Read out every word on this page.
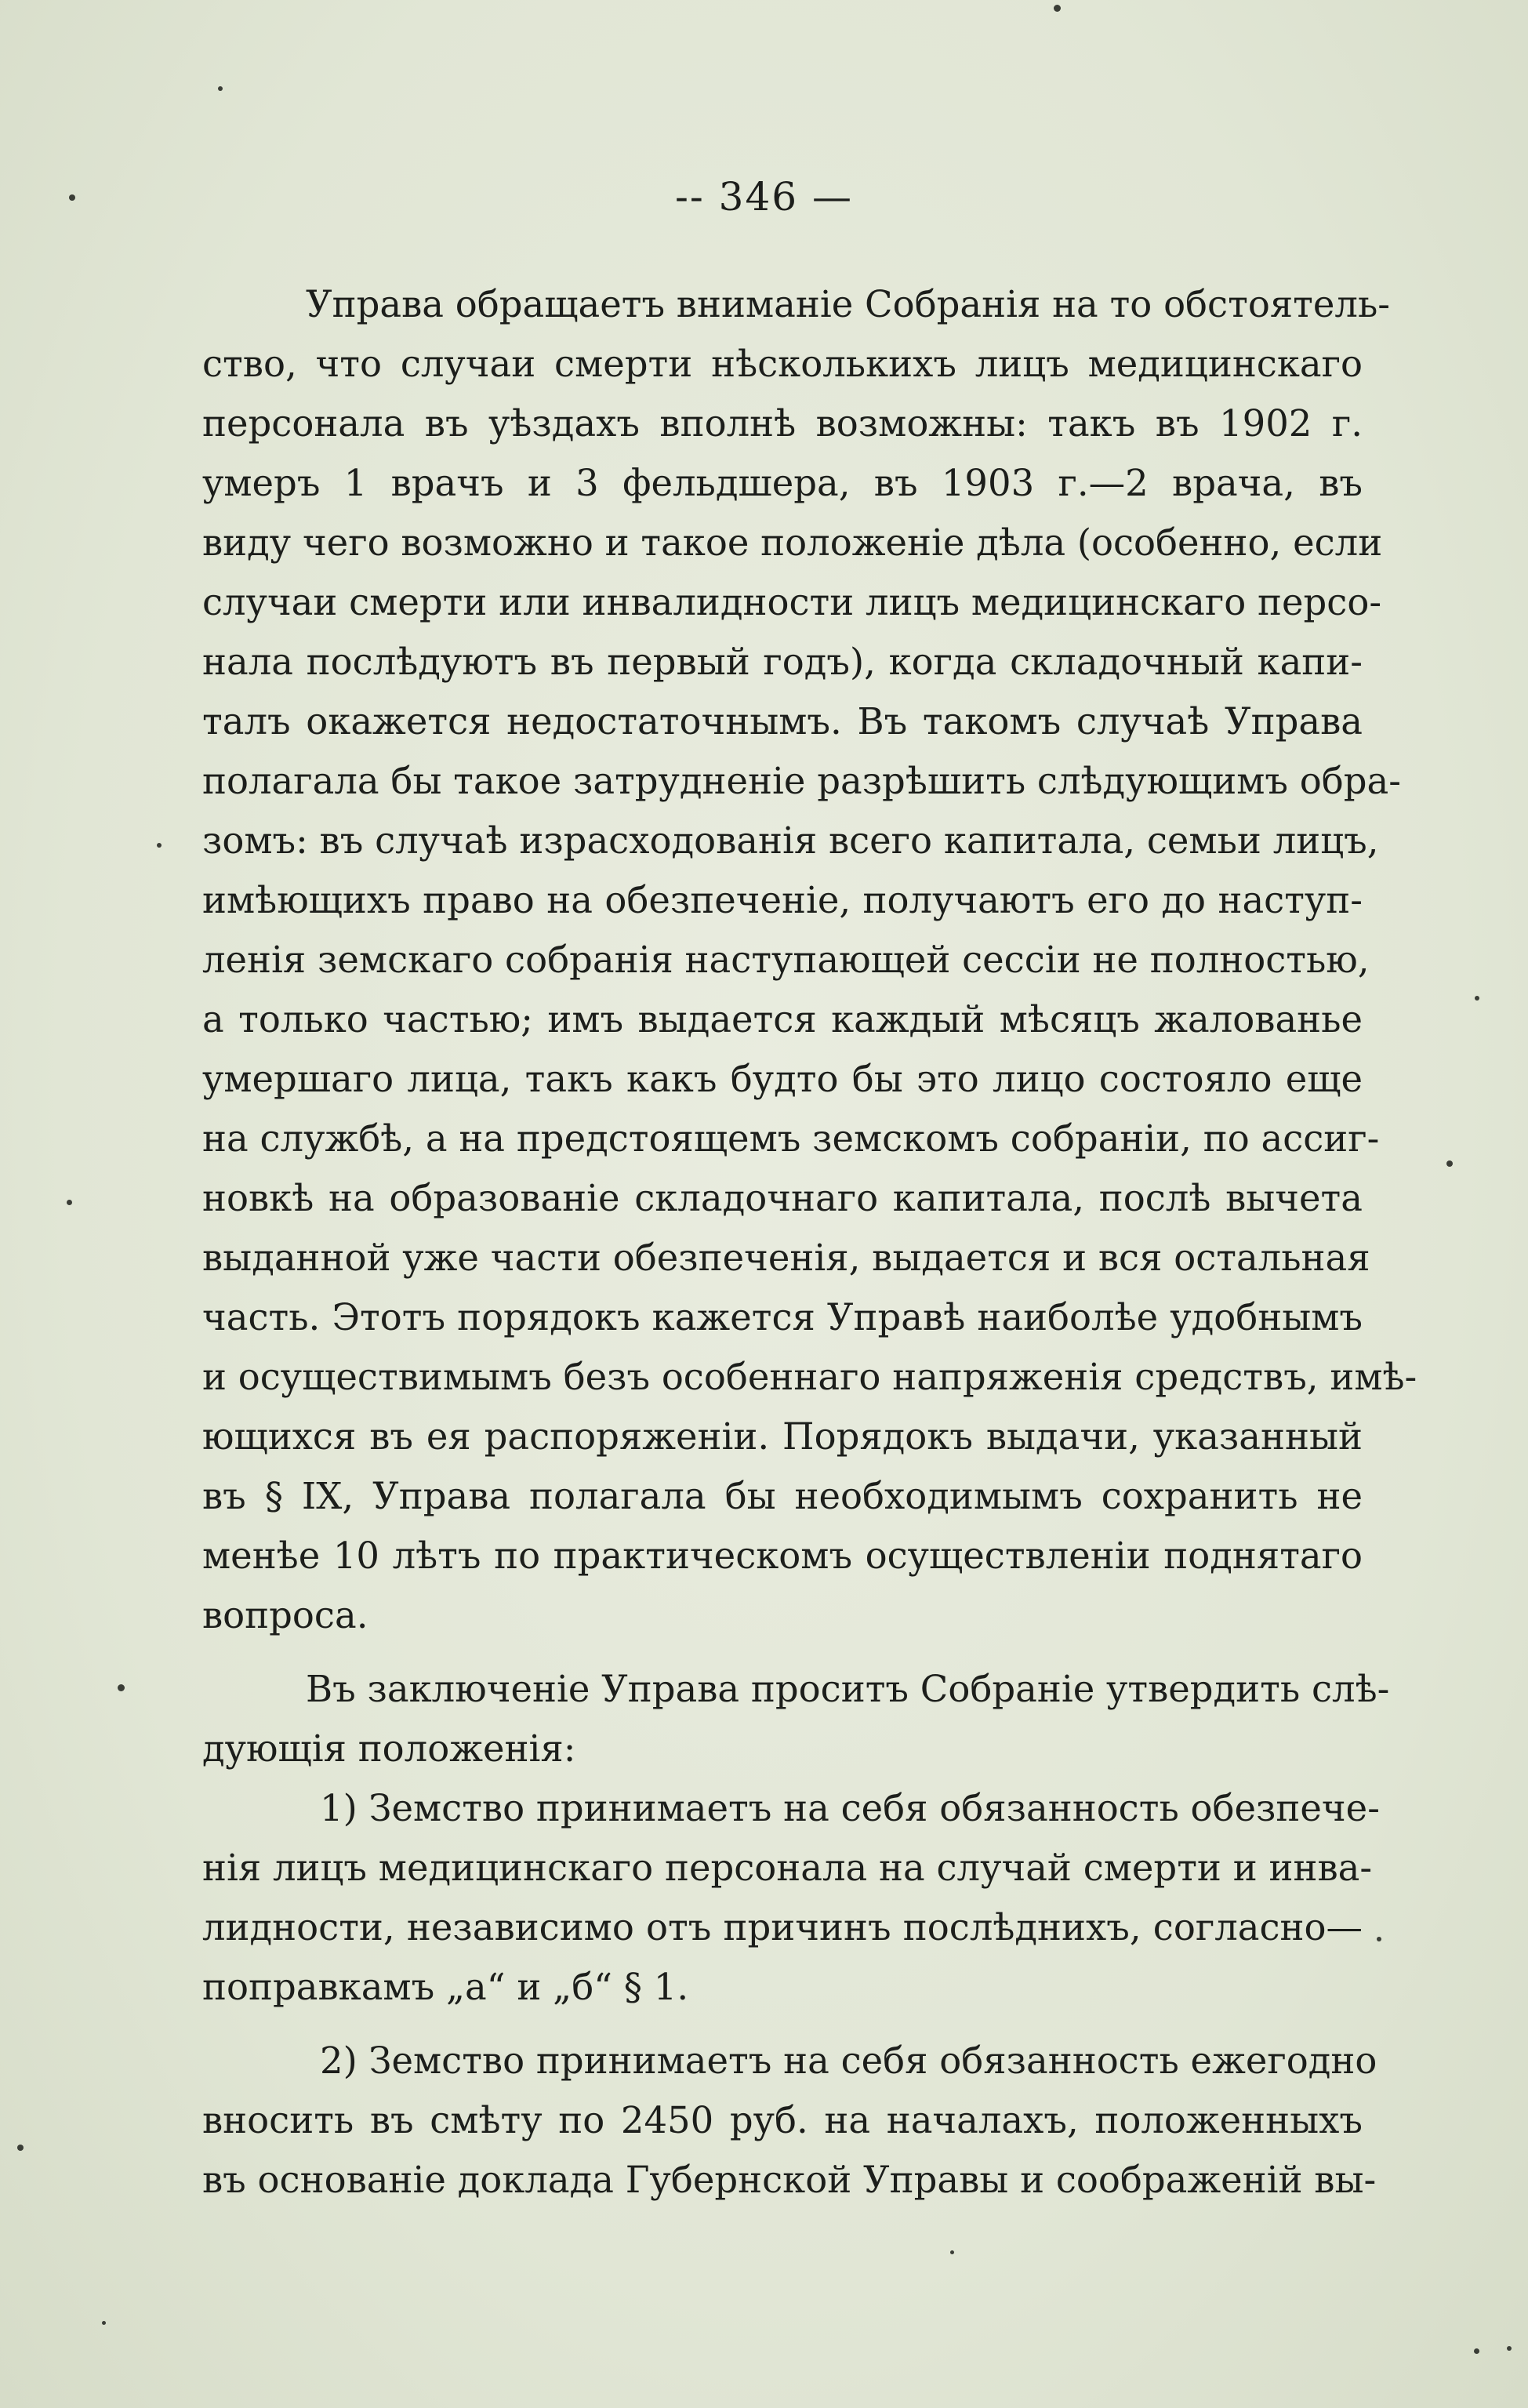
-- 346 —
Управа обращаетъ вниманіе Собранія на то обстоятель-
ство, что случаи смерти нѣсколькихъ лицъ медицинскаго
персонала въ уѣздахъ вполнѣ возможны: такъ въ 1902 г.
умеръ 1 врачъ и 3 фельдшера, въ 1903 г.—2 врача, въ
виду чего возможно и такое положеніе дѣла (особенно, если
случаи смерти или инвалидности лицъ медицинскаго персо-
нала послѣдуютъ въ первый годъ), когда складочный капи-
талъ окажется недостаточнымъ. Въ такомъ случаѣ Управа
полагала бы такое затрудненіе разрѣшить слѣдующимъ обра-
зомъ: въ случаѣ израсходованія всего капитала, семьи лицъ,
имѣющихъ право на обезпеченіе, получаютъ его до наступ-
ленія земскаго собранія наступающей сессіи не полностью,
а только частью; имъ выдается каждый мѣсяцъ жалованье
умершаго лица, такъ какъ будто бы это лицо состояло еще
на службѣ, а на предстоящемъ земскомъ собраніи, по ассиг-
новкѣ на образованіе складочнаго капитала, послѣ вычета
выданной уже части обезпеченія, выдается и вся остальная
часть. Этотъ порядокъ кажется Управѣ наиболѣе удобнымъ
и осуществимымъ безъ особеннаго напряженія средствъ, имѣ-
ющихся въ ея распоряженіи. Порядокъ выдачи, указанный
въ § IX, Управа полагала бы необходимымъ сохранить не
менѣе 10 лѣтъ по практическомъ осуществленіи поднятаго
вопроса.
Въ заключеніе Управа проситъ Собраніе утвердить слѣ-
дующія положенія:
1) Земство принимаетъ на себя обязанность обезпече-
нія лицъ медицинскаго персонала на случай смерти и инва-
лидности, независимо отъ причинъ послѣднихъ, согласно—
поправкамъ „а“ и „б“ § 1.
2) Земство принимаетъ на себя обязанность ежегодно
вносить въ смѣту по 2450 руб. на началахъ, положенныхъ
въ основаніе доклада Губернской Управы и соображеній вы-
